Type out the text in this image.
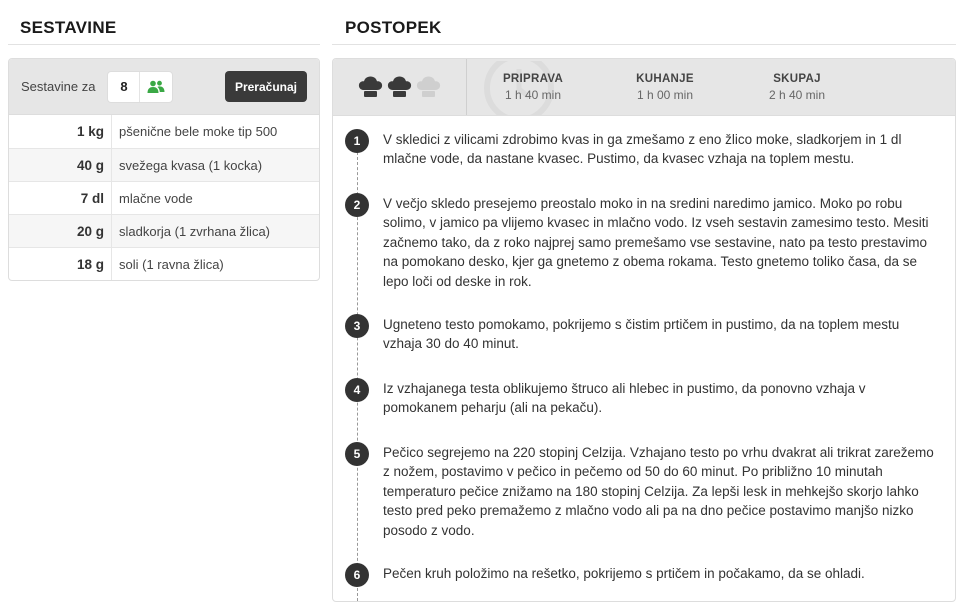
SESTAVINE
Sestavine za	8	Preračunaj
1 kg	pšenične bele moke tip 500
40 g	svežega kvasa (1 kocka)
7 dl	mlačne vode
20 g	sladkorja (1 zvrhana žlica)
18 g	soli (1 ravna žlica)
POSTOPEK
PRIPRAVA
1 h 40 min
KUHANJE
1 h 00 min
SKUPAJ
2 h 40 min
1	V skledici z vilicami zdrobimo kvas in ga zmešamo z eno žlico moke, sladkorjem in 1 dl mlačne vode, da nastane kvasec. Pustimo, da kvasec vzhaja na toplem mestu.

2	V večjo skledo presejemo preostalo moko in na sredini naredimo jamico. Moko po robu solimo, v jamico pa vlijemo kvasec in mlačno vodo. Iz vseh sestavin zamesimo testo. Mesiti začnemo tako, da z roko najprej samo premešamo vse sestavine, nato pa testo prestavimo na pomokano desko, kjer ga gnetemo z obema rokama. Testo gnetemo toliko časa, da se lepo loči od deske in rok.

3	Ugneteno testo pomokamo, pokrijemo s čistim prtičem in pustimo, da na toplem mestu vzhaja 30 do 40 minut.

4	Iz vzhajanega testa oblikujemo štruco ali hlebec in pustimo, da ponovno vzhaja v pomokanem peharju (ali na pekaču).

5	Pečico segrejemo na 220 stopinj Celzija. Vzhajano testo po vrhu dvakrat ali trikrat zarežemo z nožem, postavimo v pečico in pečemo od 50 do 60 minut. Po približno 10 minutah temperaturo pečice znižamo na 180 stopinj Celzija. Za lepši lesk in mehkejšo skorjo lahko testo pred peko premažemo z mlačno vodo ali pa na dno pečice postavimo manjšo nizko posodo z vodo.

6	Pečen kruh položimo na rešetko, pokrijemo s prtičem in počakamo, da se ohladi.
